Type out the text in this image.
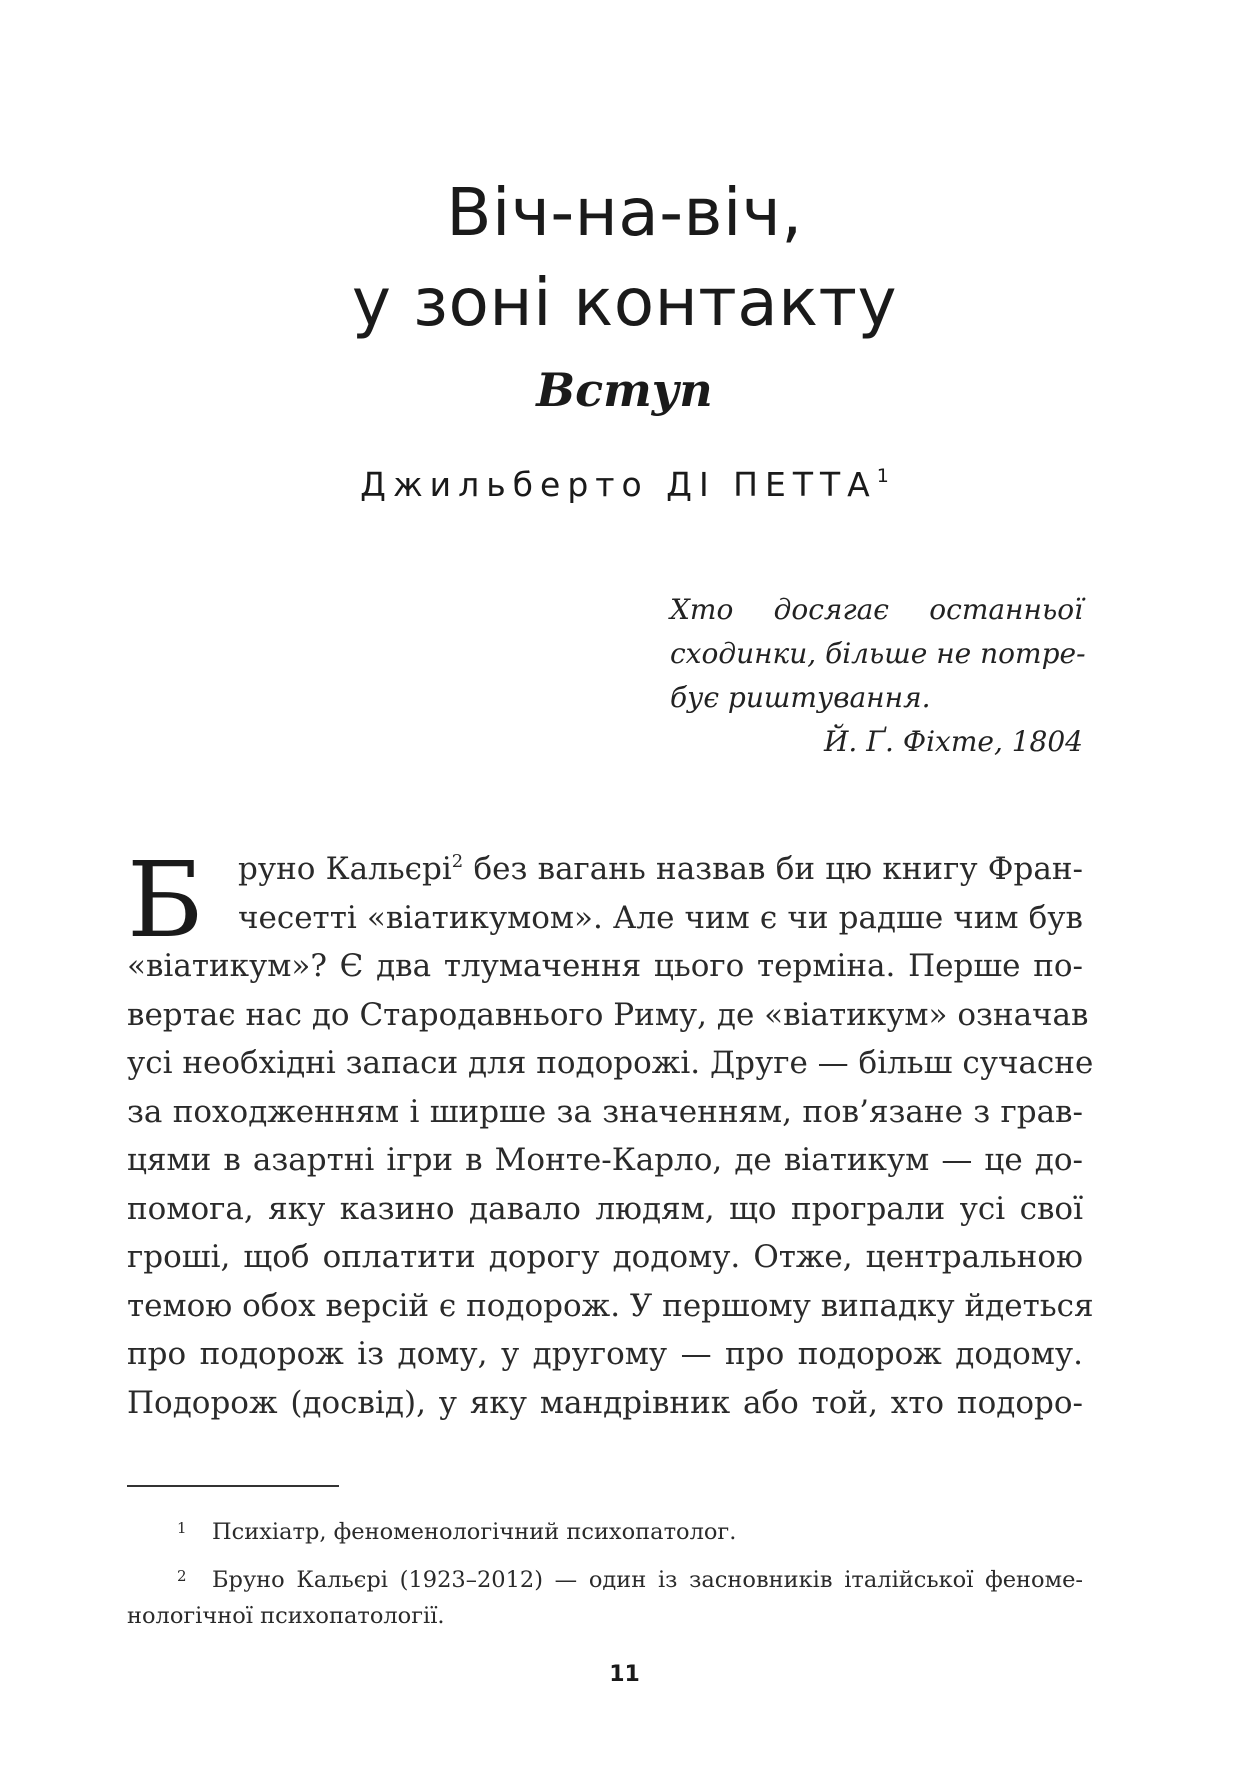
Віч-на-віч,
у зоні контакту
Вступ
Джильберто ДІ ПЕТТА$^1$
Хто досягає останньої
сходинки, більше не потре-
бує риштування.
Й. Ґ. Фіхте, 1804
Б	руно Кальєрі$^2$ без вагань назвав би цю книгу Фран-
чесетті «віатикумом». Але чим є чи радше чим був
«віатикум»? Є два тлумачення цього терміна. Перше по-
вертає нас до Стародавнього Риму, де «віатикум» означав
усі необхідні запаси для подорожі. Друге — більш сучасне
за походженням і ширше за значенням, пов’язане з грав-
цями в азартні ігри в Монте-Карло, де віатикум — це до-
помога, яку казино давало людям, що програли усі свої
гроші, щоб оплатити дорогу додому. Отже, центральною
темою обох версій є подорож. У першому випадку йдеться
про подорож із дому, у другому — про подорож додому.
Подорож (досвід), у яку мандрівник або той, хто подоро-
1	Психіатр, феноменологічний психопатолог.
2	Бруно Кальєрі (1923–2012) — один із засновників італійської феноме-
нологічної психопатології.
11
